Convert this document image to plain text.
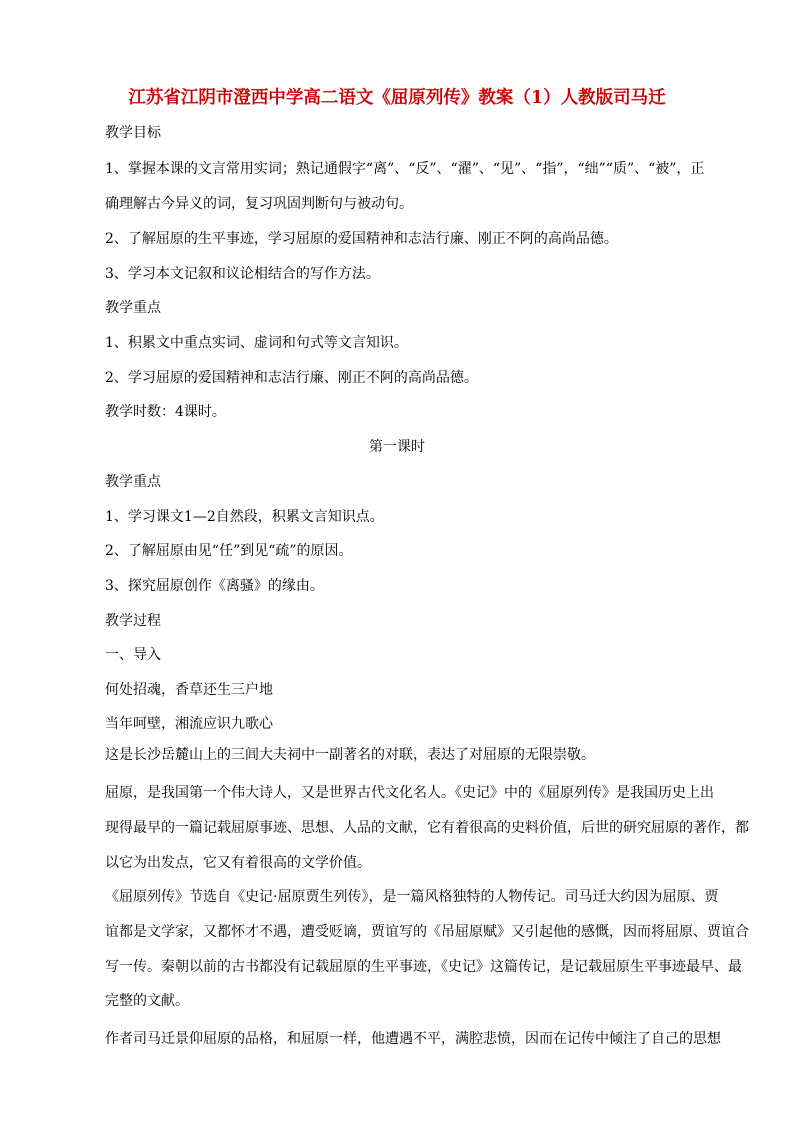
江苏省江阴市澄西中学高二语文《屈原列传》教案（1）人教版司马迁
教学目标
1、掌握本课的文言常用实词；熟记通假字“离”、“反”、“濯”、“见”、“指”，“绌”“质”、“被”，正
确理解古今异义的词，复习巩固判断句与被动句。
2、了解屈原的生平事迹，学习屈原的爱国精神和志洁行廉、刚正不阿的高尚品德。
3、学习本文记叙和议论相结合的写作方法。
教学重点
1、积累文中重点实词、虚词和句式等文言知识。
2、学习屈原的爱国精神和志洁行廉、刚正不阿的高尚品德。
教学时数：4课时。
第一课时
教学重点
1、学习课文1—2自然段，积累文言知识点。
2、了解屈原由见“任”到见“疏”的原因。
3、探究屈原创作《离骚》的缘由。
教学过程
一、导入
何处招魂，香草还生三户地
当年呵壁，湘流应识九歌心
这是长沙岳麓山上的三闾大夫祠中一副著名的对联，表达了对屈原的无限崇敬。
屈原，是我国第一个伟大诗人，又是世界古代文化名人。《史记》中的《屈原列传》是我国历史上出
现得最早的一篇记载屈原事迹、思想、人品的文献，它有着很高的史料价值，后世的研究屈原的著作，都
以它为出发点，它又有着很高的文学价值。
《屈原列传》节选自《史记·屈原贾生列传》，是一篇风格独特的人物传记。司马迁大约因为屈原、贾
谊都是文学家，又都怀才不遇，遭受贬谪，贾谊写的《吊屈原赋》又引起他的感慨，因而将屈原、贾谊合
写一传。秦朝以前的古书都没有记载屈原的生平事迹，《史记》这篇传记，是记载屈原生平事迹最早、最
完整的文献。
作者司马迁景仰屈原的品格，和屈原一样，他遭遇不平，满腔悲愤，因而在记传中倾注了自己的思想
